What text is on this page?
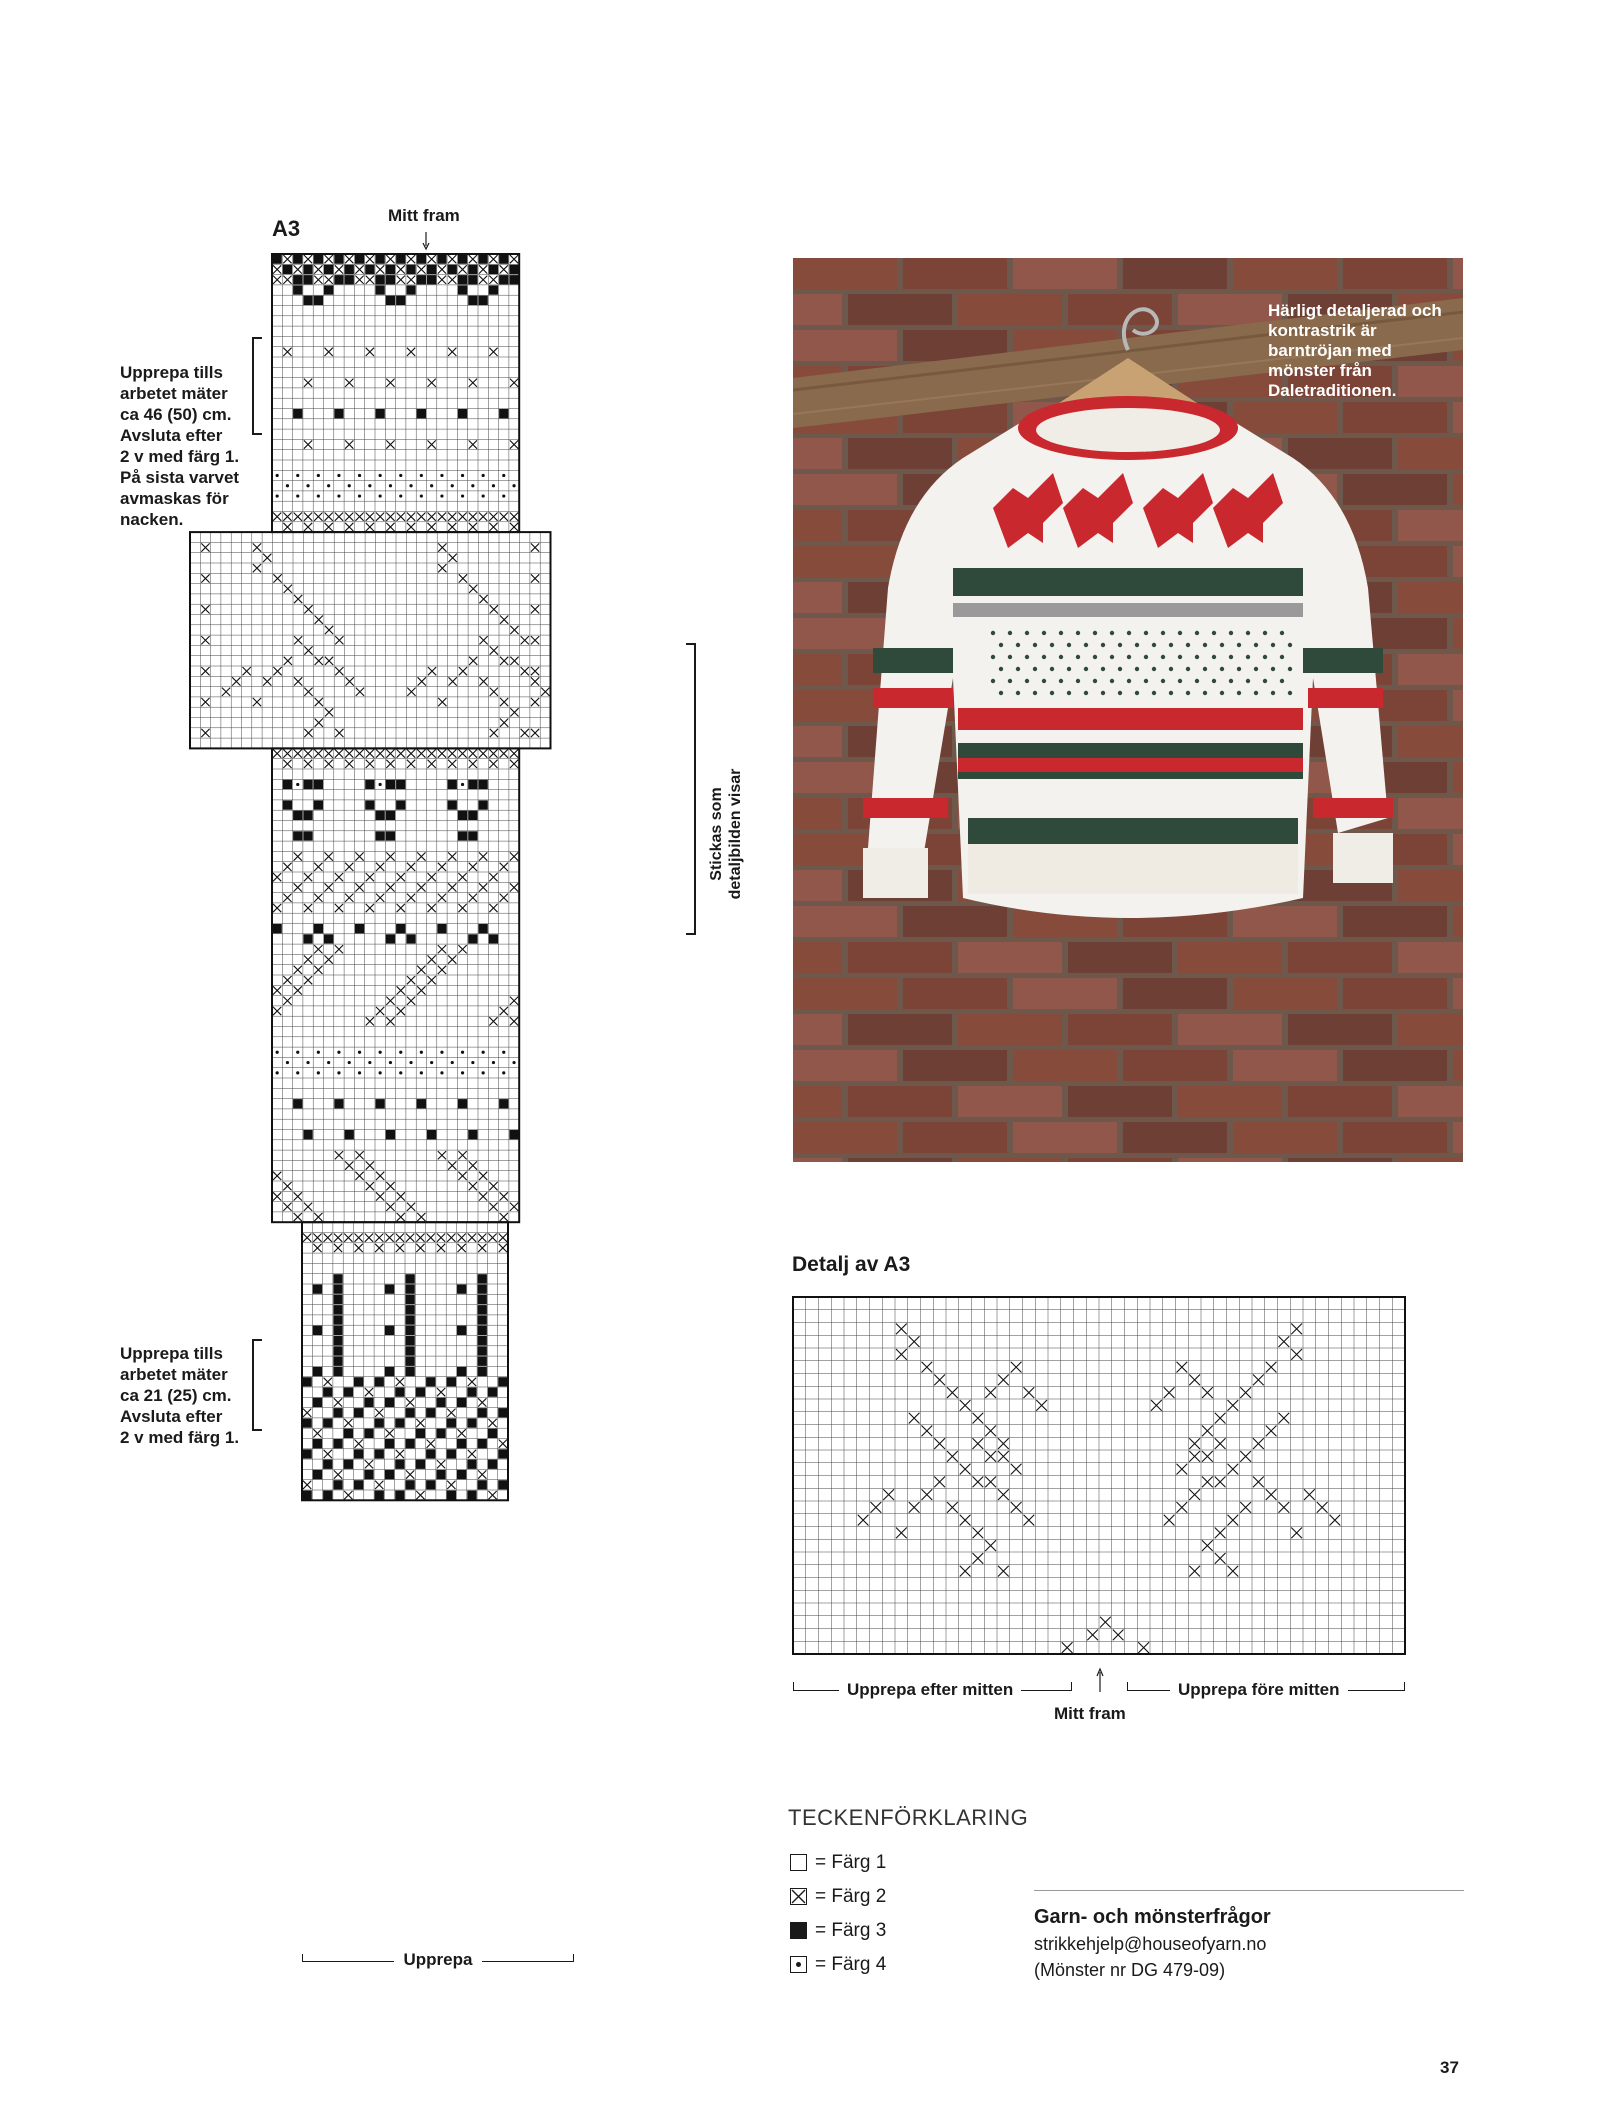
A3
Mitt fram
Upprepa tills
arbetet mäter
ca 46 (50) cm.
Avsluta efter
2 v med färg 1.
På sista varvet
avmaskas för
nacken.
Upprepa tills
arbetet mäter
ca 21 (25) cm.
Avsluta efter
2 v med färg 1.
Stickas som
detaljbilden visar
Upprepa
Härligt detaljerad och kontrastrik är barntröjan med mönster från Daletraditionen.
Detalj av A3
Upprepa efter mitten	Upprepa före mitten
Mitt fram
TECKENFÖRKLARING
= Färg 1
= Färg 2
= Färg 3
= Färg 4
Garn- och mönsterfrågor
strikkehjelp@houseofyarn.no
(Mönster nr DG 479-09)
37
